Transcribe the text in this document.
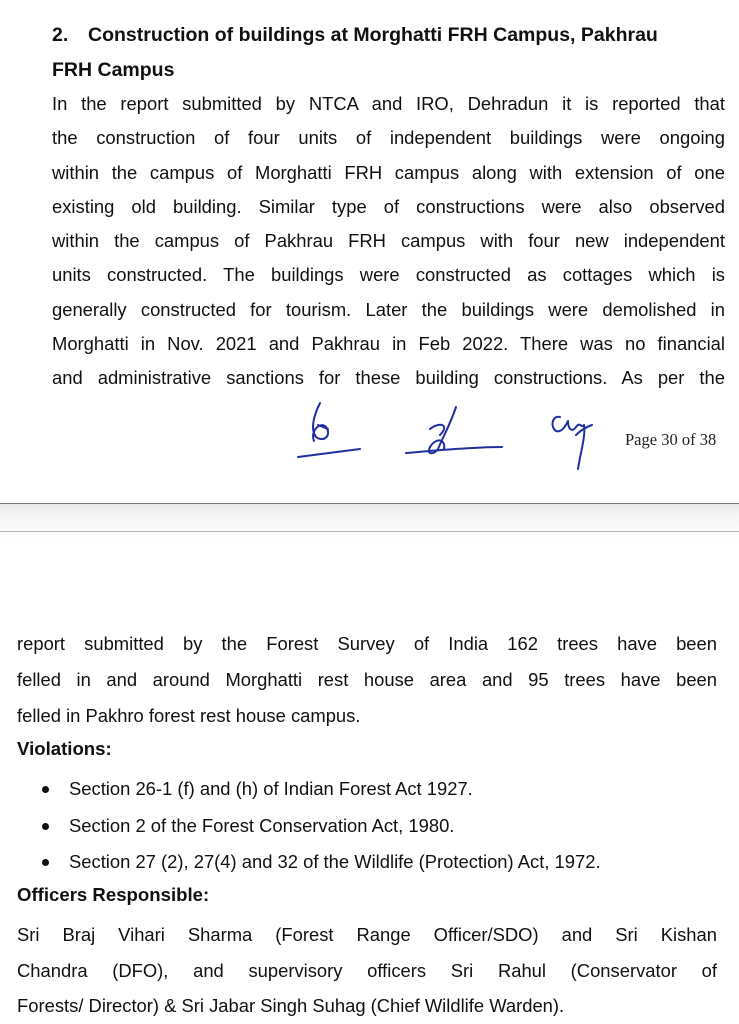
2. Construction of buildings at Morghatti FRH Campus, Pakhrau
FRH Campus

In the report submitted by NTCA and IRO, Dehradun it is reported that
the construction of four units of independent buildings were ongoing
within the campus of Morghatti FRH campus along with extension of one
existing old building. Similar type of constructions were also observed
within the campus of Pakhrau FRH campus with four new independent
units constructed. The buildings were constructed as cottages which is
generally constructed for tourism. Later the buildings were demolished in
Morghatti in Nov. 2021 and Pakhrau in Feb 2022. There was no financial
and administrative sanctions for these building constructions. As per the

Page 30 of 38

report submitted by the Forest Survey of India 162 trees have been
felled in and around Morghatti rest house area and 95 trees have been
felled in Pakhro forest rest house campus.

Violations:
Section 26-1 (f) and (h) of Indian Forest Act 1927.
Section 2 of the Forest Conservation Act, 1980.
Section 27 (2), 27(4) and 32 of the Wildlife (Protection) Act, 1972.
Officers Responsible:

Sri Braj Vihari Sharma (Forest Range Officer/SDO) and Sri Kishan
Chandra (DFO), and supervisory officers Sri Rahul (Conservator of
Forests/ Director) & Sri Jabar Singh Suhag (Chief Wildlife Warden).
